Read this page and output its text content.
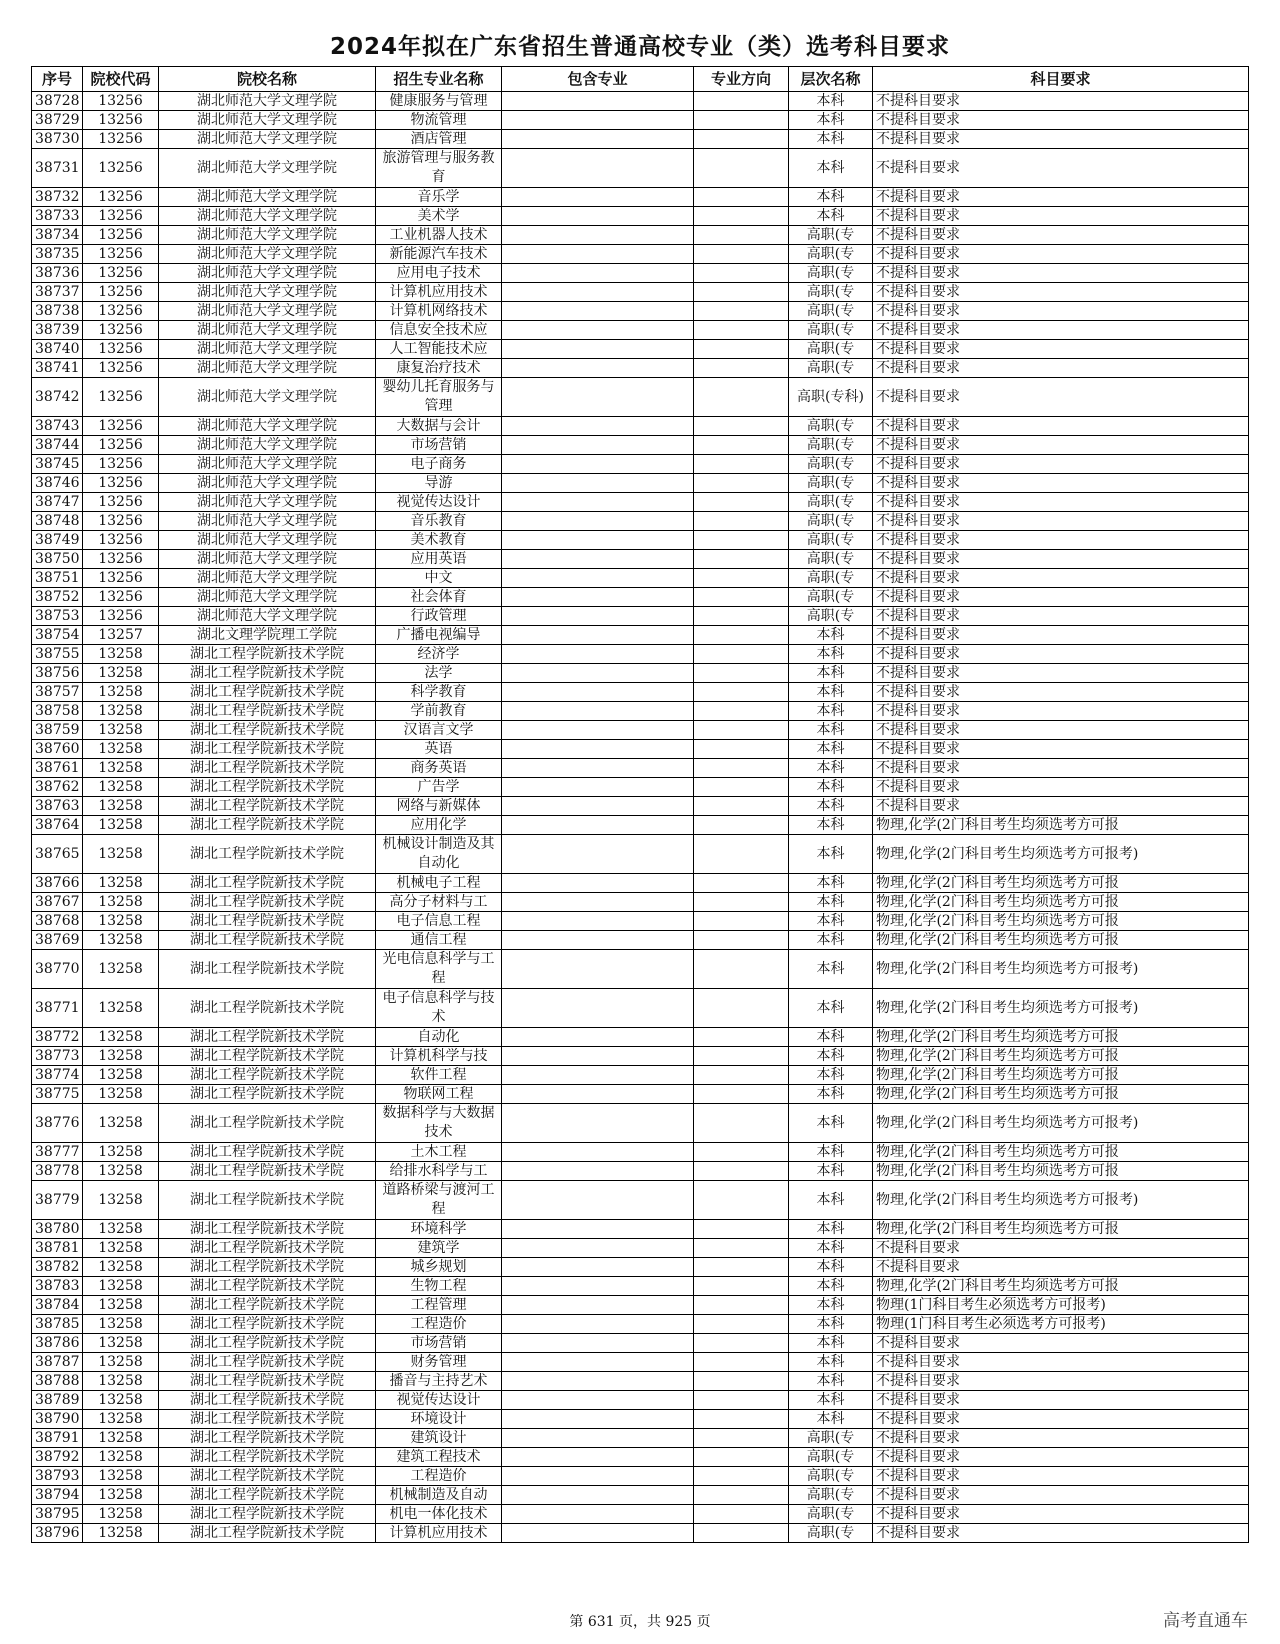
2024年拟在广东省招生普通高校专业（类）选考科目要求
序号	院校代码	院校名称	招生专业名称	包含专业	专业方向	层次名称	科目要求
38728	13256	湖北师范大学文理学院	健康服务与管理			本科	不提科目要求
38729	13256	湖北师范大学文理学院	物流管理			本科	不提科目要求
38730	13256	湖北师范大学文理学院	酒店管理			本科	不提科目要求
38731	13256	湖北师范大学文理学院	旅游管理与服务教育			本科	不提科目要求
38732	13256	湖北师范大学文理学院	音乐学			本科	不提科目要求
38733	13256	湖北师范大学文理学院	美术学			本科	不提科目要求
38734	13256	湖北师范大学文理学院	工业机器人技术			高职(专	不提科目要求
38735	13256	湖北师范大学文理学院	新能源汽车技术			高职(专	不提科目要求
38736	13256	湖北师范大学文理学院	应用电子技术			高职(专	不提科目要求
38737	13256	湖北师范大学文理学院	计算机应用技术			高职(专	不提科目要求
38738	13256	湖北师范大学文理学院	计算机网络技术			高职(专	不提科目要求
38739	13256	湖北师范大学文理学院	信息安全技术应			高职(专	不提科目要求
38740	13256	湖北师范大学文理学院	人工智能技术应			高职(专	不提科目要求
38741	13256	湖北师范大学文理学院	康复治疗技术			高职(专	不提科目要求
38742	13256	湖北师范大学文理学院	婴幼儿托育服务与管理			高职(专科)	不提科目要求
38743	13256	湖北师范大学文理学院	大数据与会计			高职(专	不提科目要求
38744	13256	湖北师范大学文理学院	市场营销			高职(专	不提科目要求
38745	13256	湖北师范大学文理学院	电子商务			高职(专	不提科目要求
38746	13256	湖北师范大学文理学院	导游			高职(专	不提科目要求
38747	13256	湖北师范大学文理学院	视觉传达设计			高职(专	不提科目要求
38748	13256	湖北师范大学文理学院	音乐教育			高职(专	不提科目要求
38749	13256	湖北师范大学文理学院	美术教育			高职(专	不提科目要求
38750	13256	湖北师范大学文理学院	应用英语			高职(专	不提科目要求
38751	13256	湖北师范大学文理学院	中文			高职(专	不提科目要求
38752	13256	湖北师范大学文理学院	社会体育			高职(专	不提科目要求
38753	13256	湖北师范大学文理学院	行政管理			高职(专	不提科目要求
38754	13257	湖北文理学院理工学院	广播电视编导			本科	不提科目要求
38755	13258	湖北工程学院新技术学院	经济学			本科	不提科目要求
38756	13258	湖北工程学院新技术学院	法学			本科	不提科目要求
38757	13258	湖北工程学院新技术学院	科学教育			本科	不提科目要求
38758	13258	湖北工程学院新技术学院	学前教育			本科	不提科目要求
38759	13258	湖北工程学院新技术学院	汉语言文学			本科	不提科目要求
38760	13258	湖北工程学院新技术学院	英语			本科	不提科目要求
38761	13258	湖北工程学院新技术学院	商务英语			本科	不提科目要求
38762	13258	湖北工程学院新技术学院	广告学			本科	不提科目要求
38763	13258	湖北工程学院新技术学院	网络与新媒体			本科	不提科目要求
38764	13258	湖北工程学院新技术学院	应用化学			本科	物理,化学(2门科目考生均须选考方可报
38765	13258	湖北工程学院新技术学院	机械设计制造及其自动化			本科	物理,化学(2门科目考生均须选考方可报考)
38766	13258	湖北工程学院新技术学院	机械电子工程			本科	物理,化学(2门科目考生均须选考方可报
38767	13258	湖北工程学院新技术学院	高分子材料与工			本科	物理,化学(2门科目考生均须选考方可报
38768	13258	湖北工程学院新技术学院	电子信息工程			本科	物理,化学(2门科目考生均须选考方可报
38769	13258	湖北工程学院新技术学院	通信工程			本科	物理,化学(2门科目考生均须选考方可报
38770	13258	湖北工程学院新技术学院	光电信息科学与工程			本科	物理,化学(2门科目考生均须选考方可报考)
38771	13258	湖北工程学院新技术学院	电子信息科学与技术			本科	物理,化学(2门科目考生均须选考方可报考)
38772	13258	湖北工程学院新技术学院	自动化			本科	物理,化学(2门科目考生均须选考方可报
38773	13258	湖北工程学院新技术学院	计算机科学与技			本科	物理,化学(2门科目考生均须选考方可报
38774	13258	湖北工程学院新技术学院	软件工程			本科	物理,化学(2门科目考生均须选考方可报
38775	13258	湖北工程学院新技术学院	物联网工程			本科	物理,化学(2门科目考生均须选考方可报
38776	13258	湖北工程学院新技术学院	数据科学与大数据技术			本科	物理,化学(2门科目考生均须选考方可报考)
38777	13258	湖北工程学院新技术学院	土木工程			本科	物理,化学(2门科目考生均须选考方可报
38778	13258	湖北工程学院新技术学院	给排水科学与工			本科	物理,化学(2门科目考生均须选考方可报
38779	13258	湖北工程学院新技术学院	道路桥梁与渡河工程			本科	物理,化学(2门科目考生均须选考方可报考)
38780	13258	湖北工程学院新技术学院	环境科学			本科	物理,化学(2门科目考生均须选考方可报
38781	13258	湖北工程学院新技术学院	建筑学			本科	不提科目要求
38782	13258	湖北工程学院新技术学院	城乡规划			本科	不提科目要求
38783	13258	湖北工程学院新技术学院	生物工程			本科	物理,化学(2门科目考生均须选考方可报
38784	13258	湖北工程学院新技术学院	工程管理			本科	物理(1门科目考生必须选考方可报考)
38785	13258	湖北工程学院新技术学院	工程造价			本科	物理(1门科目考生必须选考方可报考)
38786	13258	湖北工程学院新技术学院	市场营销			本科	不提科目要求
38787	13258	湖北工程学院新技术学院	财务管理			本科	不提科目要求
38788	13258	湖北工程学院新技术学院	播音与主持艺术			本科	不提科目要求
38789	13258	湖北工程学院新技术学院	视觉传达设计			本科	不提科目要求
38790	13258	湖北工程学院新技术学院	环境设计			本科	不提科目要求
38791	13258	湖北工程学院新技术学院	建筑设计			高职(专	不提科目要求
38792	13258	湖北工程学院新技术学院	建筑工程技术			高职(专	不提科目要求
38793	13258	湖北工程学院新技术学院	工程造价			高职(专	不提科目要求
38794	13258	湖北工程学院新技术学院	机械制造及自动			高职(专	不提科目要求
38795	13258	湖北工程学院新技术学院	机电一体化技术			高职(专	不提科目要求
38796	13258	湖北工程学院新技术学院	计算机应用技术			高职(专	不提科目要求
第 631 页，共 925 页	高考直通车
